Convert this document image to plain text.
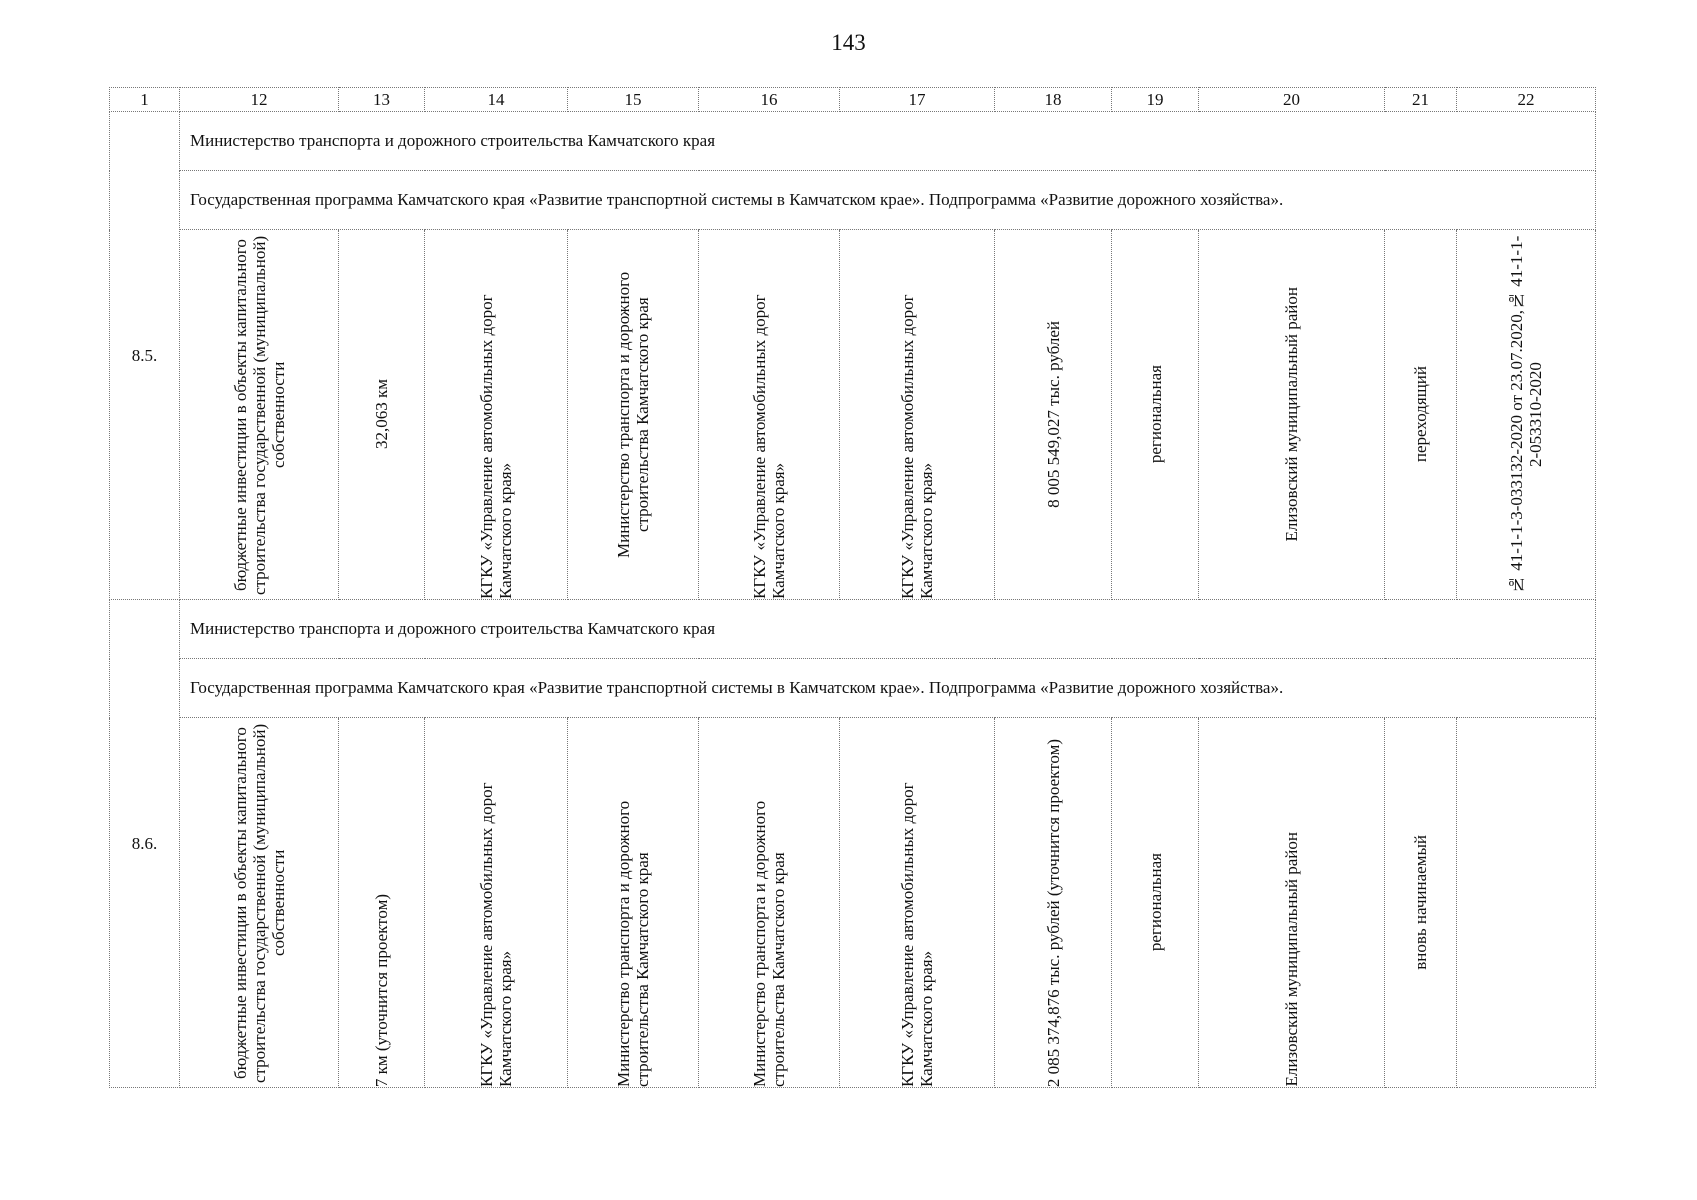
143
1	12	13	14	15	16	17	18	19	20	21	22
8.5.	Министерство транспорта и дорожного строительства Камчатского края										
	Государственная программа Камчатского края «Развитие транспортной системы в Камчатском крае». Подпрограмма «Развитие дорожного хозяйства».										

	бюджетные инвестиции в объекты капитального строительства государственной (муниципальной) собственности	32,063 км	КГКУ «Управление автомобильных дорог Камчатского края»	Министерство транспорта и дорожного строительства Камчатского края	КГКУ «Управление автомобильных дорог Камчатского края»	КГКУ «Управление автомобильных дорог Камчатского края»	8 005 549,027 тыс. рублей	региональная	Елизовский муниципальный район	переходящий	№ 41-1-1-3-033132-2020 от 23.07.2020,№ 41-1-1-2-053310-2020

8.6.	Министерство транспорта и дорожного строительства Камчатского края										
	Государственная программа Камчатского края «Развитие транспортной системы в Камчатском крае». Подпрограмма «Развитие дорожного хозяйства».										

	бюджетные инвестиции в объекты капитального строительства государственной (муниципальной) собственности	7 км (уточнится проектом)	КГКУ «Управление автомобильных дорог Камчатского края»	Министерство транспорта и дорожного строительства Камчатского края	Министерство транспорта и дорожного строительства Камчатского края	КГКУ «Управление автомобильных дорог Камчатского края»	2 085 374,876 тыс. рублей (уточнится проектом)	региональная	Елизовский муниципальный район	вновь начинаемый	
